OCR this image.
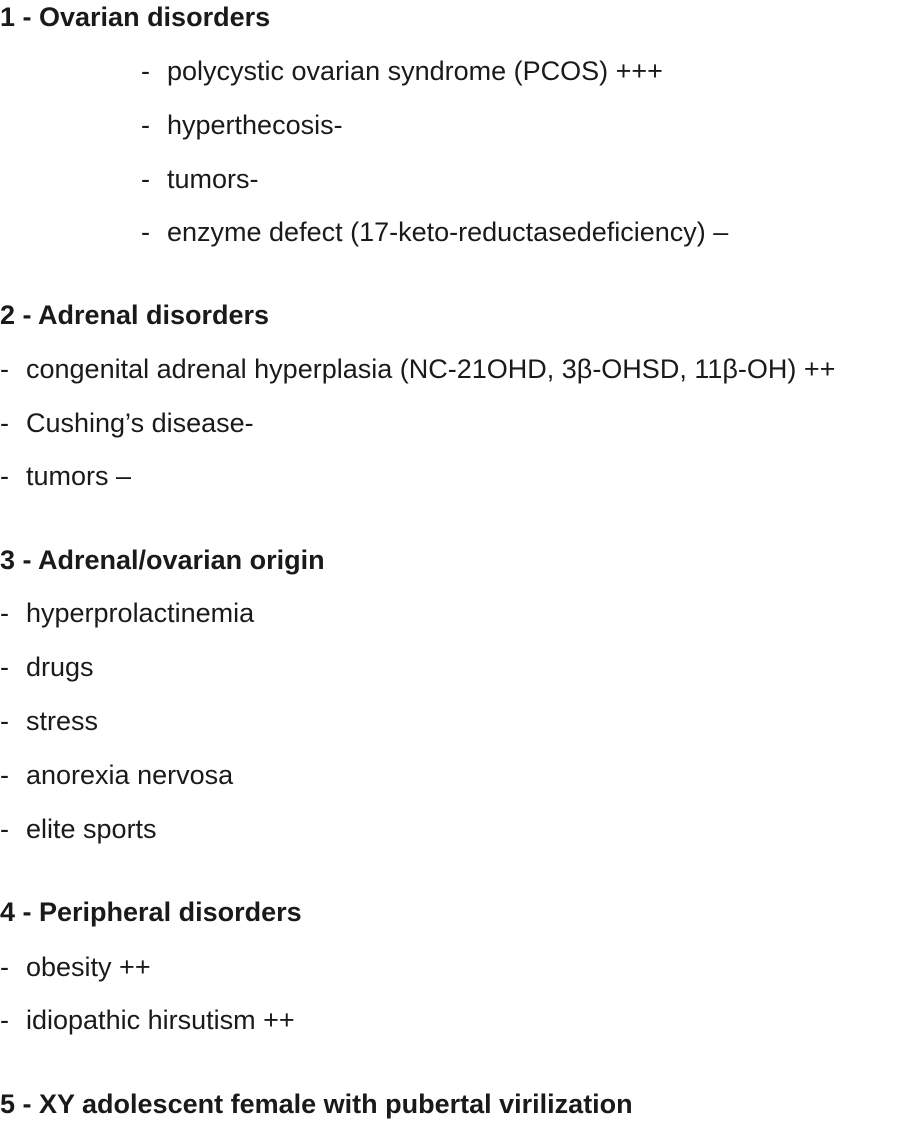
1 - Ovarian disorders
- polycystic ovarian syndrome (PCOS) +++
- hyperthecosis-
- tumors-
- enzyme defect (17-keto-reductasedeficiency) –
2 - Adrenal disorders
- congenital adrenal hyperplasia (NC-21OHD, 3β-OHSD, 11β-OH) ++
- Cushing’s disease-
- tumors –
3 - Adrenal/ovarian origin
- hyperprolactinemia
- drugs
- stress
- anorexia nervosa
- elite sports
4 - Peripheral disorders
- obesity ++
- idiopathic hirsutism ++
5 - XY adolescent female with pubertal virilization
